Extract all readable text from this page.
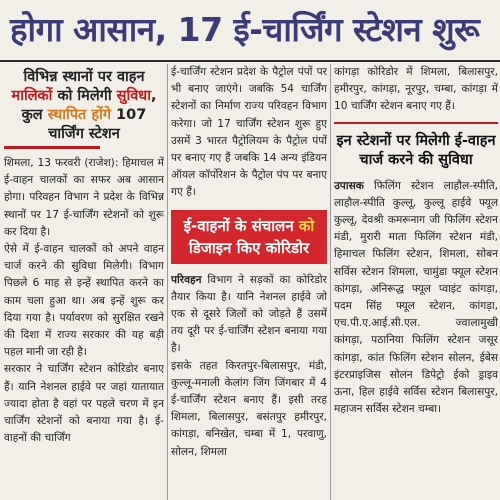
होगा आसान, 17 ई-चार्जिंग स्टेशन शुरू
विभिन्न स्थानों पर वाहन मालिकों को मिलेगी सुविधा, कुल स्थापित होंगे 107 चार्जिंग स्टेशन

शिमला, 13 फरवरी (राजेश): हिमाचल में ई-वाहन चालकों का सफर अब आसान होगा। परिवहन विभाग ने प्रदेश के विभिन्न स्थानों पर 17 ई-चार्जिंग स्टेशनों को शुरू कर दिया है।

ऐसे में ई-वाहन चालकों को अपने वाहन चार्ज करने की सुविधा मिलेगी। विभाग पिछले 6 माह से इन्हें स्थापित करने का काम चला हुआ था। अब इन्हें शुरू कर दिया गया है। पर्यावरण को सुरक्षित रखने की दिशा में राज्य सरकार की यह बड़ी पहल मानी जा रही है।

सरकार ने चार्जिंग स्टेशन कोरिडोर बनाए हैं। यानि नेशनल हाईवे पर जहां यातायात ज्यादा होता है वहां पर पहले चरण में इन चार्जिंग स्टेशनों को बनाया गया है। ई-वाहनों की चार्जिंग

ई-चार्जिंग स्टेशन प्रदेश के पैट्रोल पंपों पर भी बनाए जाएंगे। जबकि 54 चार्जिंग स्टेशनों का निर्माण राज्य परिवहन विभाग करेगा। जो 17 चार्जिंग स्टेशन शुरू हुए उसमें 3 भारत पैट्रोलियम के पैट्रोल पंपों पर बनाए गए हैं जबकि 14 अन्य इंडियन ऑयल कॉर्पोरेशन के पैट्रोल पंप पर बनाए गए हैं।

ई-वाहनों के संचालन को डिजाइन किए कोरिडोर

परिवहन विभाग ने सड़कों का कोरिडोर तैयार किया है। यानि नेशनल हाईवे जो एक से दूसरे जिलों को जोड़ते हैं उसमें तय दूरी पर ई-चार्जिंग स्टेशन बनाया गया है।

इसके तहत किरतपुर-बिलासपुर, मंडी, कुल्लू-मनाली केलांग जिंग जिंगबार में 4 ई-चार्जिंग स्टेशन बनाए हैं। इसी तरह शिमला, बिलासपुर, बसंतपुर हमीरपुर, कांगड़ा, बनिखेत, चम्बा में 1, परवाणु, सोलन, शिमला

कांगड़ा कोरिडोर में शिमला, बिलासपुर, हमीरपुर, कांगड़ा, नूरपुर, चम्बा, कांगड़ा में 10 चार्जिंग स्टेशन बनाए गए हैं।

इन स्टेशनों पर मिलेगी ई-वाहन चार्ज करने की सुविधा

उपासक फिलिंग स्टेशन लाहौल-स्पीति, लाहौल-स्पीति कुल्लू, कुल्लू हाईवे फ्यूल कुल्लू, देवश्री कमरूनाग जी फिलिंग स्टेशन मंडी, मुरारी माता फिलिंग स्टेशन मंडी, हिमाचल फिलिंग स्टेशन, शिमला, सोबन सर्विस स्टेशन शिमला, चामुंडा फ्यूल स्टेशन कांगड़ा, अनिरूद्ध फ्यूल प्वाइंट कांगड़ा, पदम सिंह फ्यूल स्टेशन, कांगड़ा, एच.पी.ए.आई.सी.एल. ज्वालामुखी कांगड़ा, पठानिया फिलिंग स्टेशन जसूर कांगड़ा, कांत फिलिंग स्टेशन सोलन, ईबेस इंटरप्राइजिस सोलन डिपेट्रो ईको ड्राइव ऊना, हिल हाईवे सर्विस स्टेशन बिलासपुर, महाजन सर्विस स्टेशन चम्बा।
